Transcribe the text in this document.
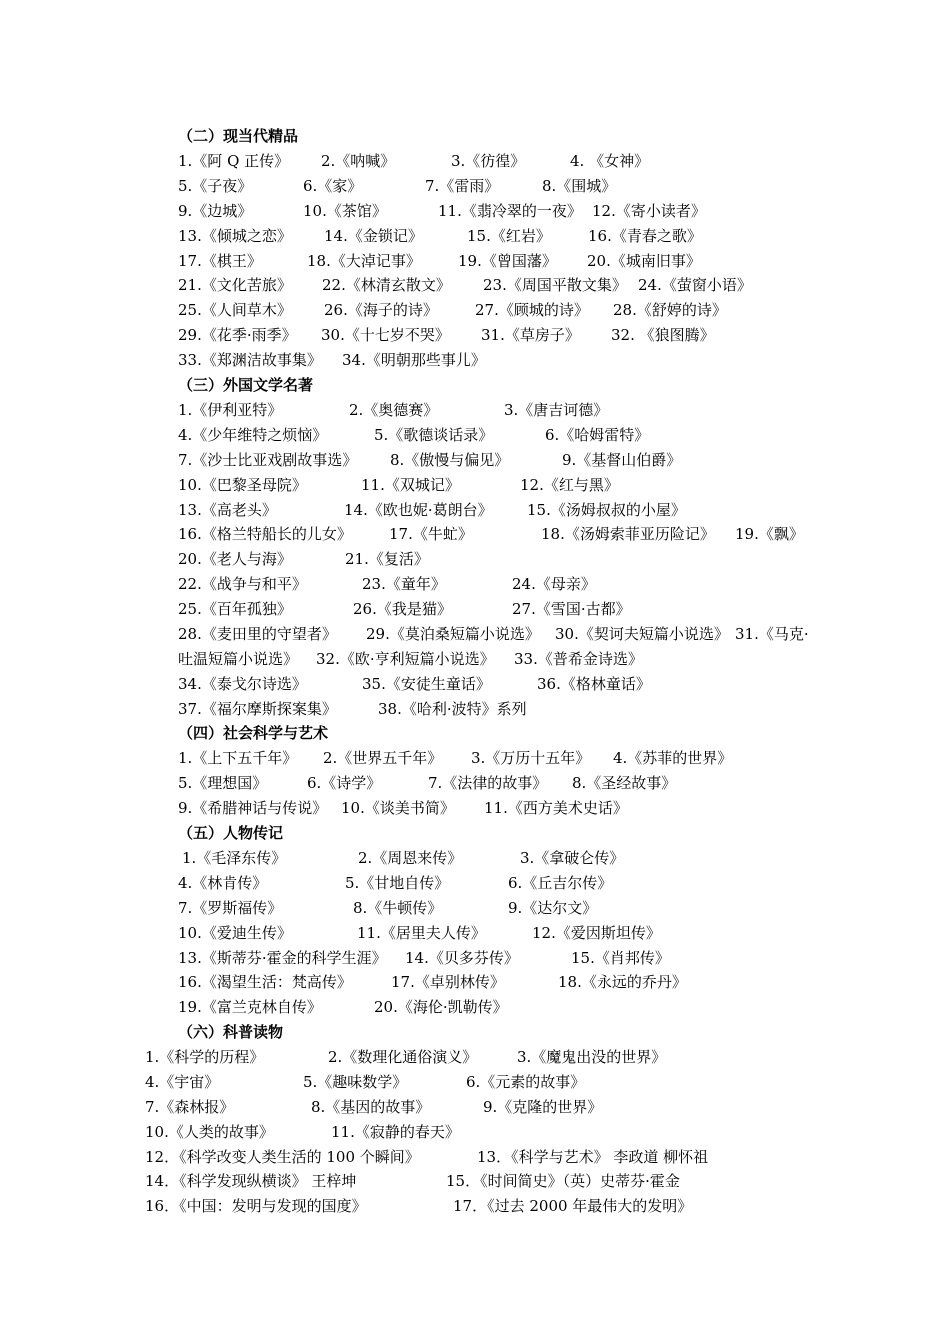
（二）现当代精品
1.《阿 Q 正传》 2.《呐喊》	3.《彷徨》	4. 《女神》
5.《子夜》	6.《家》	7.《雷雨》	8.《围城》
9.《边城》	10.《茶馆》	11.《翡冷翠的一夜》 12.《寄小读者》
13.《倾城之恋》 14.《金锁记》	15.《红岩》 16.《青春之歌》
17.《棋王》	18.《大淖记事》 19.《曾国藩》 20.《城南旧事》
21.《文化苦旅》 22.《林清玄散文》 23.《周国平散文集》 24.《萤窗小语》
25.《人间草木》 26.《海子的诗》 27.《顾城的诗》 28.《舒婷的诗》
29.《花季·雨季》 30.《十七岁不哭》 31.《草房子》 32. 《狼图腾》
33.《郑渊洁故事集》 34.《明朝那些事儿》
（三）外国文学名著
1.《伊利亚特》	2.《奥德赛》	3.《唐吉诃德》
4.《少年维特之烦恼》	5.《歌德谈话录》	6.《哈姆雷特》
7.《沙士比亚戏剧故事选》 8.《傲慢与偏见》	9.《基督山伯爵》
10.《巴黎圣母院》	11.《双城记》	12.《红与黑》
13.《高老头》	14.《欧也妮·葛朗台》 15.《汤姆叔叔的小屋》
16.《格兰特船长的儿女》 17.《牛虻》	18.《汤姆索菲亚历险记》 19.《飘》
20.《老人与海》	21.《复活》
22.《战争与和平》	23.《童年》	24.《母亲》
25.《百年孤独》	26.《我是猫》	27.《雪国·古都》
28.《麦田里的守望者》 29.《莫泊桑短篇小说选》 30.《契诃夫短篇小说选》 31.《马克·
吐温短篇小说选》 32.《欧·亨利短篇小说选》 33.《普希金诗选》
34.《泰戈尔诗选》	35.《安徒生童话》	36.《格林童话》
37.《福尔摩斯探案集》	38.《哈利·波特》系列
（四）社会科学与艺术
1.《上下五千年》 2.《世界五千年》 3.《万历十五年》 4.《苏菲的世界》
5.《理想国》	6.《诗学》	7.《法律的故事》 8.《圣经故事》
9.《希腊神话与传说》 10.《谈美书简》 11.《西方美术史话》
（五）人物传记
1.《毛泽东传》	2.《周恩来传》	3.《拿破仑传》
4.《林肯传》	5.《甘地自传》	6.《丘吉尔传》
7.《罗斯福传》	8.《牛顿传》	9.《达尔文》
10.《爱迪生传》	11.《居里夫人传》	12.《爱因斯坦传》
13.《斯蒂芬·霍金的科学生涯》 14.《贝多芬传》	15.《肖邦传》
16.《渴望生活：梵高传》	17.《卓别林传》	18.《永远的乔丹》
19.《富兰克林自传》	20.《海伦·凯勒传》
（六）科普读物
1.《科学的历程》	2.《数理化通俗演义》	3.《魔鬼出没的世界》
4.《宇宙》	5.《趣味数学》	6.《元素的故事》
7.《森林报》	8.《基因的故事》	9.《克隆的世界》
10.《人类的故事》	11.《寂静的春天》
12．《科学改变人类生活的 100 个瞬间》	13．《科学与艺术》 李政道 柳怀祖
14．《科学发现纵横谈》 王梓坤	15．《时间简史》（英）史蒂芬·霍金
16．《中国：发明与发现的国度》	17．《过去 2000 年最伟大的发明》
